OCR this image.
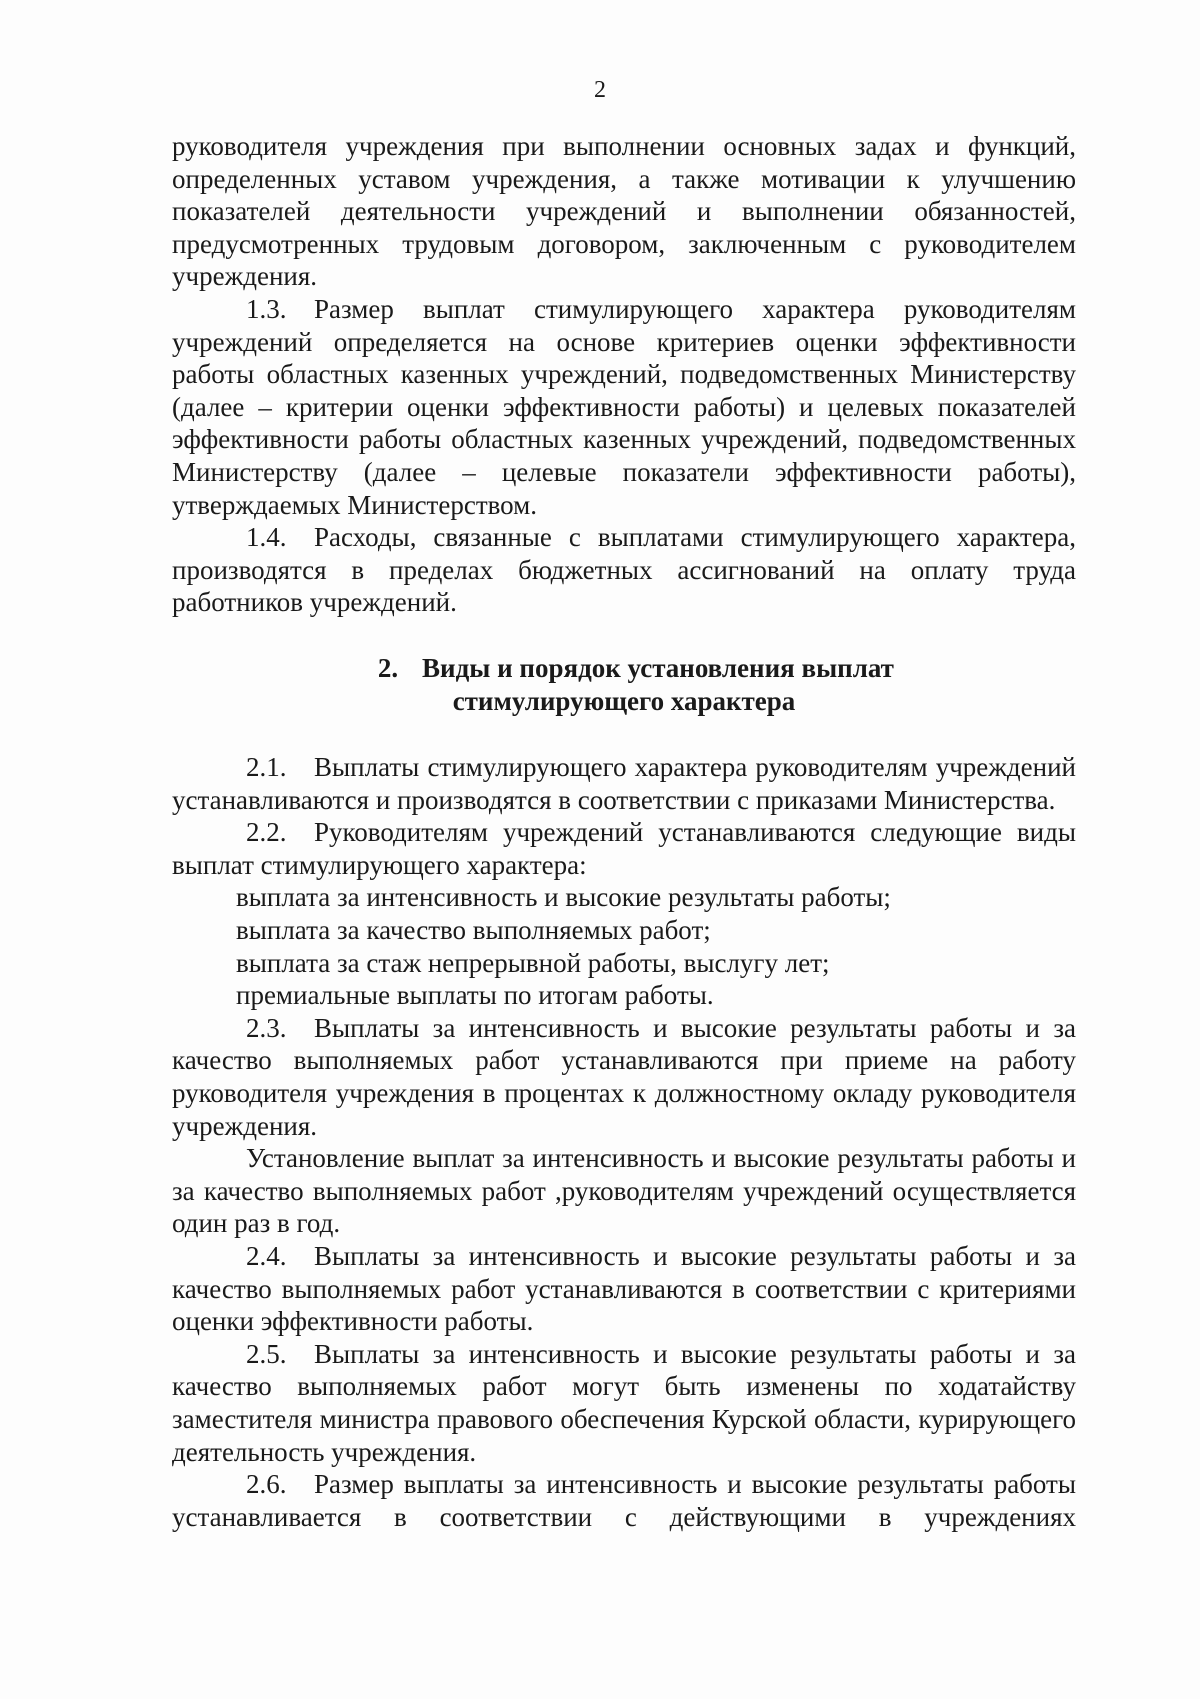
2

руководителя учреждения при выполнении основных задах и функций, определенных уставом учреждения, а также мотивации к улучшению показателей деятельности учреждений и выполнении обязанностей, предусмотренных трудовым договором, заключенным с руководителем учреждения.

1.3. Размер выплат стимулирующего характера руководителям учреждений определяется на основе критериев оценки эффективности работы областных казенных учреждений, подведомственных Министерству (далее – критерии оценки эффективности работы) и целевых показателей эффективности работы областных казенных учреждений, подведомственных Министерству (далее – целевые показатели эффективности работы), утверждаемых Министерством.

1.4. Расходы, связанные с выплатами стимулирующего характера, производятся в пределах бюджетных ассигнований на оплату труда работников учреждений.

2. Виды и порядок установления выплат
стимулирующего характера

2.1. Выплаты стимулирующего характера руководителям учреждений устанавливаются и производятся в соответствии с приказами Министерства.

2.2. Руководителям учреждений устанавливаются следующие виды выплат стимулирующего характера:

выплата за интенсивность и высокие результаты работы;

выплата за качество выполняемых работ;

выплата за стаж непрерывной работы, выслугу лет;

премиальные выплаты по итогам работы.

2.3. Выплаты за интенсивность и высокие результаты работы и за качество выполняемых работ устанавливаются при приеме на работу руководителя учреждения в процентах к должностному окладу руководителя учреждения.

Установление выплат за интенсивность и высокие результаты работы и за качество выполняемых работ ,руководителям учреждений осуществляется один раз в год.

2.4. Выплаты за интенсивность и высокие результаты работы и за качество выполняемых работ устанавливаются в соответствии с критериями оценки эффективности работы.

2.5. Выплаты за интенсивность и высокие результаты работы и за качество выполняемых работ могут быть изменены по ходатайству заместителя министра правового обеспечения Курской области, курирующего деятельность учреждения.

2.6. Размер выплаты за интенсивность и высокие результаты работы устанавливается в соответствии с действующими в учреждениях
